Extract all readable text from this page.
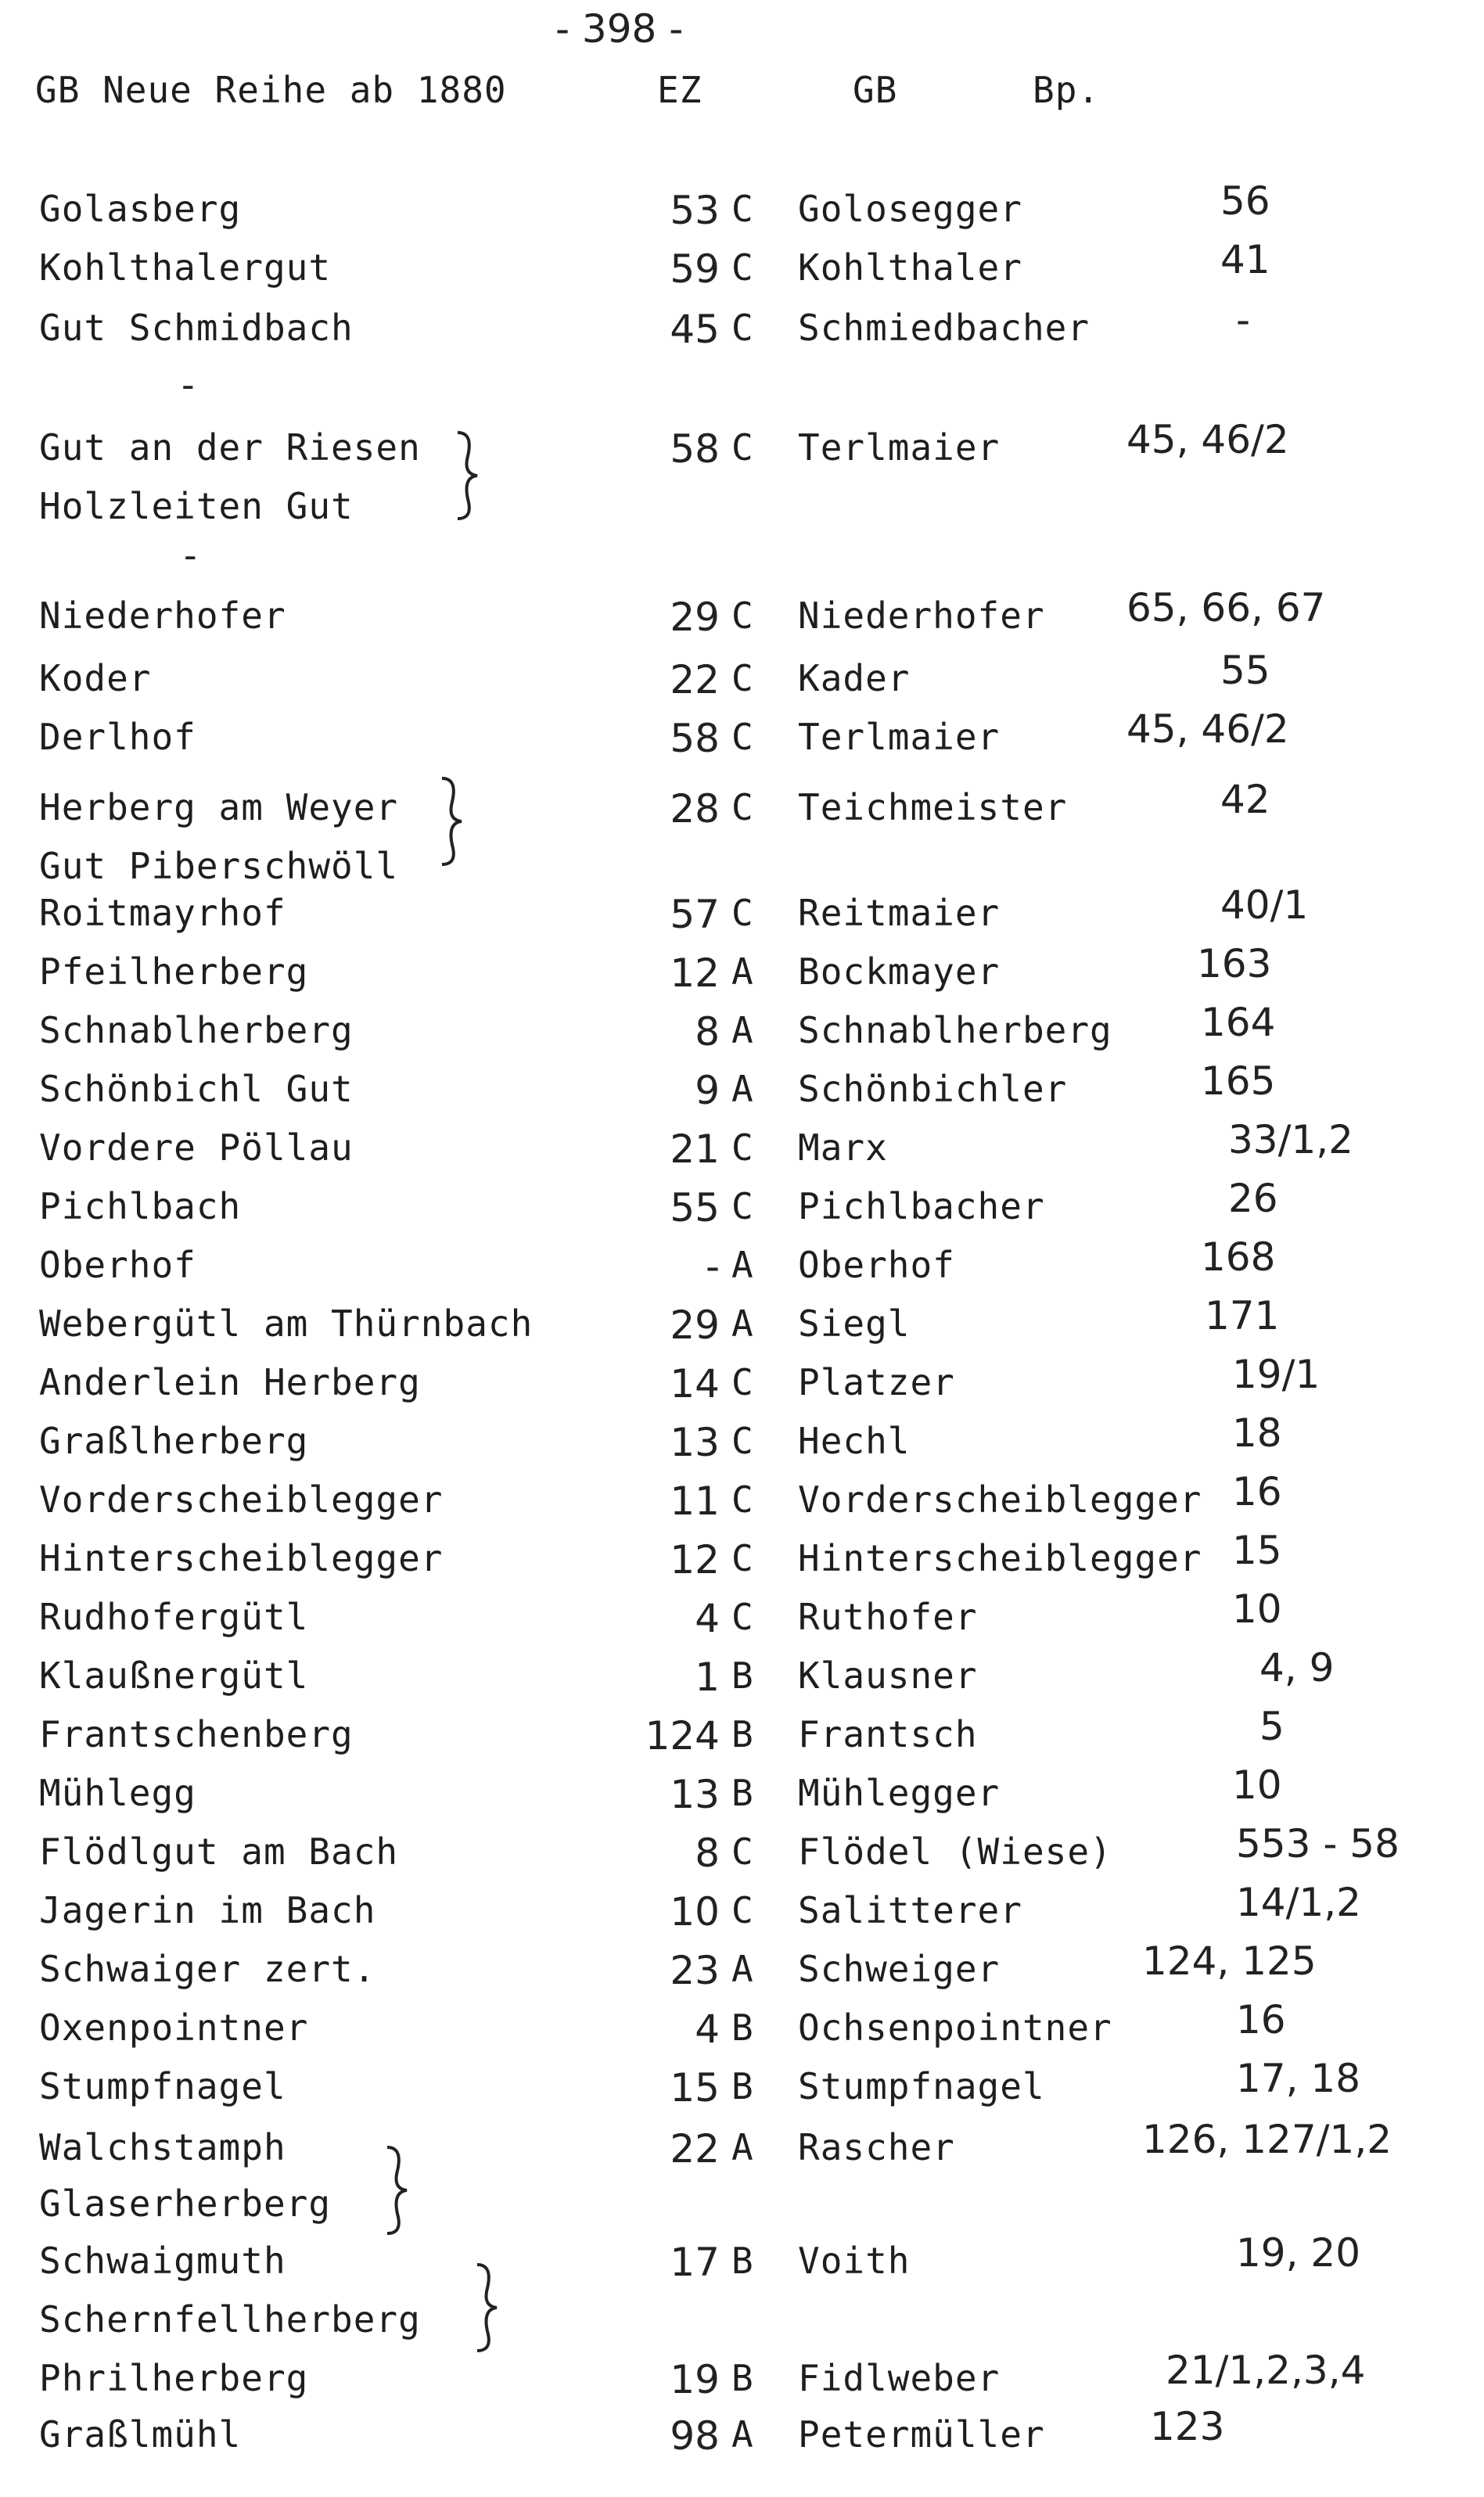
- 398 -
GB Neue Reihe ab 1880	EZ	GB	Bp.
-
-
Golasberg	53 C Golosegger	56
Kohlthalergut	59 C Kohlthaler	41
Gut Schmidbach	45 C Schmiedbacher	-
Gut an der Riesen	58 C Terlmaier	45, 46/2
Holzleiten Gut
Niederhofer	29 C Niederhofer 65, 66, 67
Koder	22 C Kader	55
Derlhof	58 C Terlmaier	45, 46/2
Herberg am Weyer	28 C Teichmeister	42
Gut Piberschwöll
Roitmayrhof	57 C Reitmaier	40/1
Pfeilherberg	12 A Bockmayer	163
Schnablherberg	8 A Schnablherberg 164
Schönbichl Gut	9 A Schönbichler	165
Vordere Pöllau	21 C Marx	33/1,2
Pichlbach	55 C Pichlbacher	26
Oberhof	- A Oberhof	168
Webergütl am Thürnbach	29 A Siegl	171
Anderlein Herberg	14 C Platzer	19/1
Graßlherberg	13 C Hechl	18
Vorderscheiblegger	11 C Vorderscheiblegger 16
Hinterscheiblegger	12 C Hinterscheiblegger 15
Rudhofergütl	4 C Ruthofer	10
Klaußnergütl	1 B Klausner	4, 9
Frantschenberg	124 B Frantsch	5
Mühlegg	13 B Mühlegger	10
Flödlgut am Bach	8 C Flödel (Wiese)	553 - 58
Jagerin im Bach	10 C Salitterer	14/1,2
Schwaiger zert.	23 A Schweiger	124, 125
Oxenpointner	4 B Ochsenpointner	16
Stumpfnagel	15 B Stumpfnagel	17, 18
Walchstamph	22 A Rascher	126, 127/1,2
Glaserherberg
Schwaigmuth	17 B Voith	19, 20
Schernfellherberg
Phrilherberg	19 B Fidlweber	21/1,2,3,4
Graßlmühl	98 A Petermüller	123
